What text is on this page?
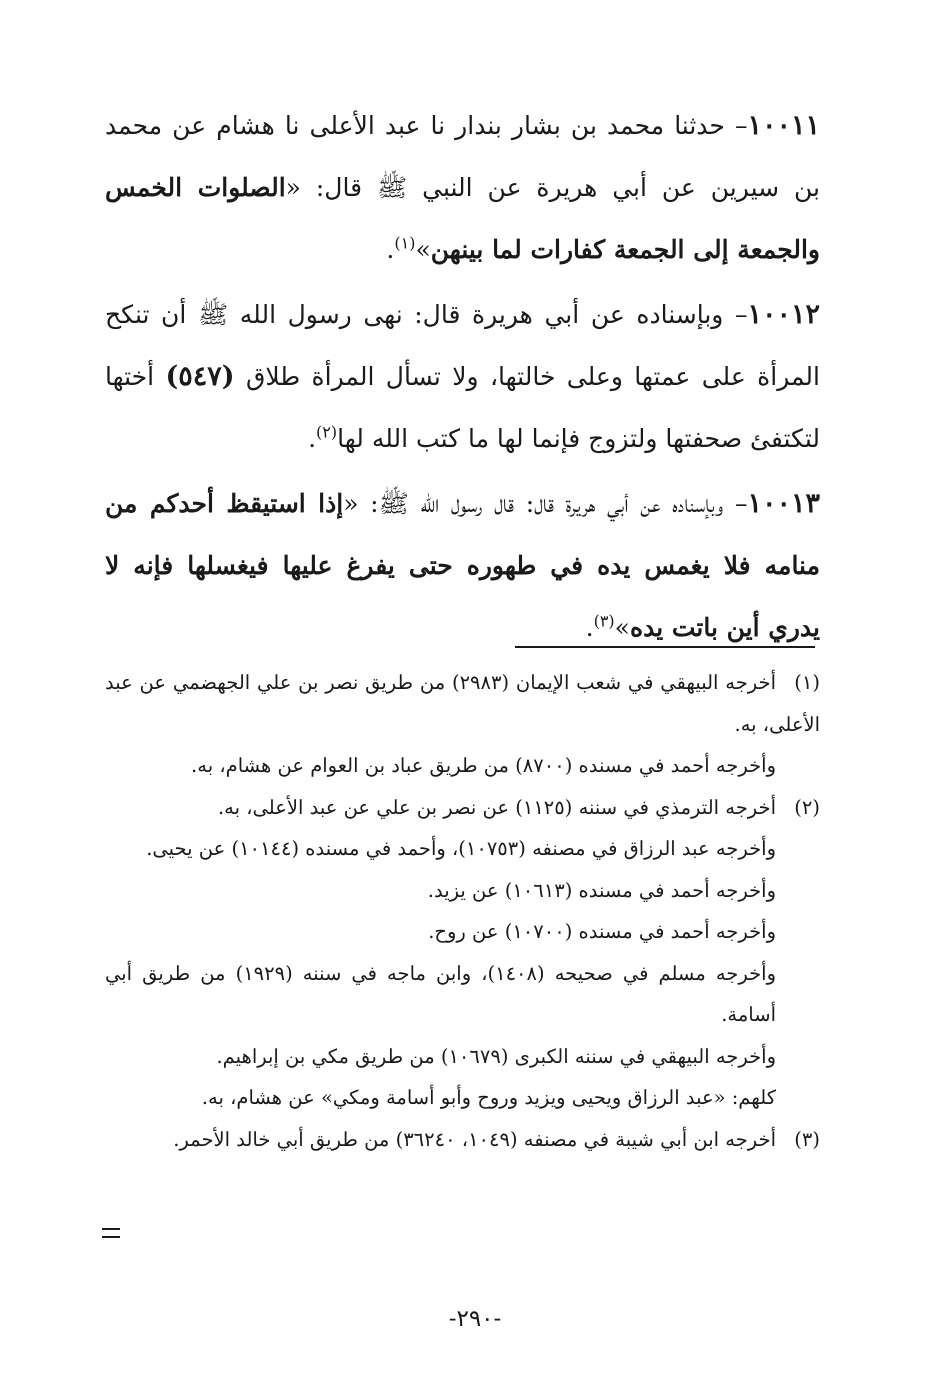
١٠٠١١– حدثنا محمد بن بشار بندار نا عبد الأعلى نا هشام عن محمد بن سيرين عن أبي هريرة عن النبي ﷺ قال: «الصلوات الخمس والجمعة إلى الجمعة كفارات لما بينهن»$^{(١)}$.

١٠٠١٢– وبإسناده عن أبي هريرة قال: نهى رسول الله ﷺ أن تنكح المرأة على عمتها وعلى خالتها، ولا تسأل المرأة طلاق (٥٤٧) أختها لتكتفئ صحفتها ولتزوج فإنما لها ما كتب الله لها$^{(٢)}$.

١٠٠١٣– وبإسناده عن أبي هريرة قال: قال رسول الله ﷺ: «إذا استيقظ أحدكم من منامه فلا يغمس يده في طهوره حتى يفرغ عليها فيغسلها فإنه لا يدري أين باتت يده»$^{(٣)}$.

(١)أخرجه البيهقي في شعب الإيمان (٢٩٨٣) من طريق نصر بن علي الجهضمي عن عبد الأعلى، به.

وأخرجه أحمد في مسنده (٨٧٠٠) من طريق عباد بن العوام عن هشام، به.

(٢)أخرجه الترمذي في سننه (١١٢٥) عن نصر بن علي عن عبد الأعلى، به.

وأخرجه عبد الرزاق في مصنفه (١٠٧٥٣)، وأحمد في مسنده (١٠١٤٤) عن يحيى.

وأخرجه أحمد في مسنده (١٠٦١٣) عن يزيد.

وأخرجه أحمد في مسنده (١٠٧٠٠) عن روح.

وأخرجه مسلم في صحيحه (١٤٠٨)، وابن ماجه في سننه (١٩٢٩) من طريق أبي أسامة.

وأخرجه البيهقي في سننه الكبرى (١٠٦٧٩) من طريق مكي بن إبراهيم.

كلهم: «عبد الرزاق ويحيى ويزيد وروح وأبو أسامة ومكي» عن هشام، به.

(٣)أخرجه ابن أبي شيبة في مصنفه (١٠٤٩، ٣٦٢٤٠) من طريق أبي خالد الأحمر.

-٢٩٠-
